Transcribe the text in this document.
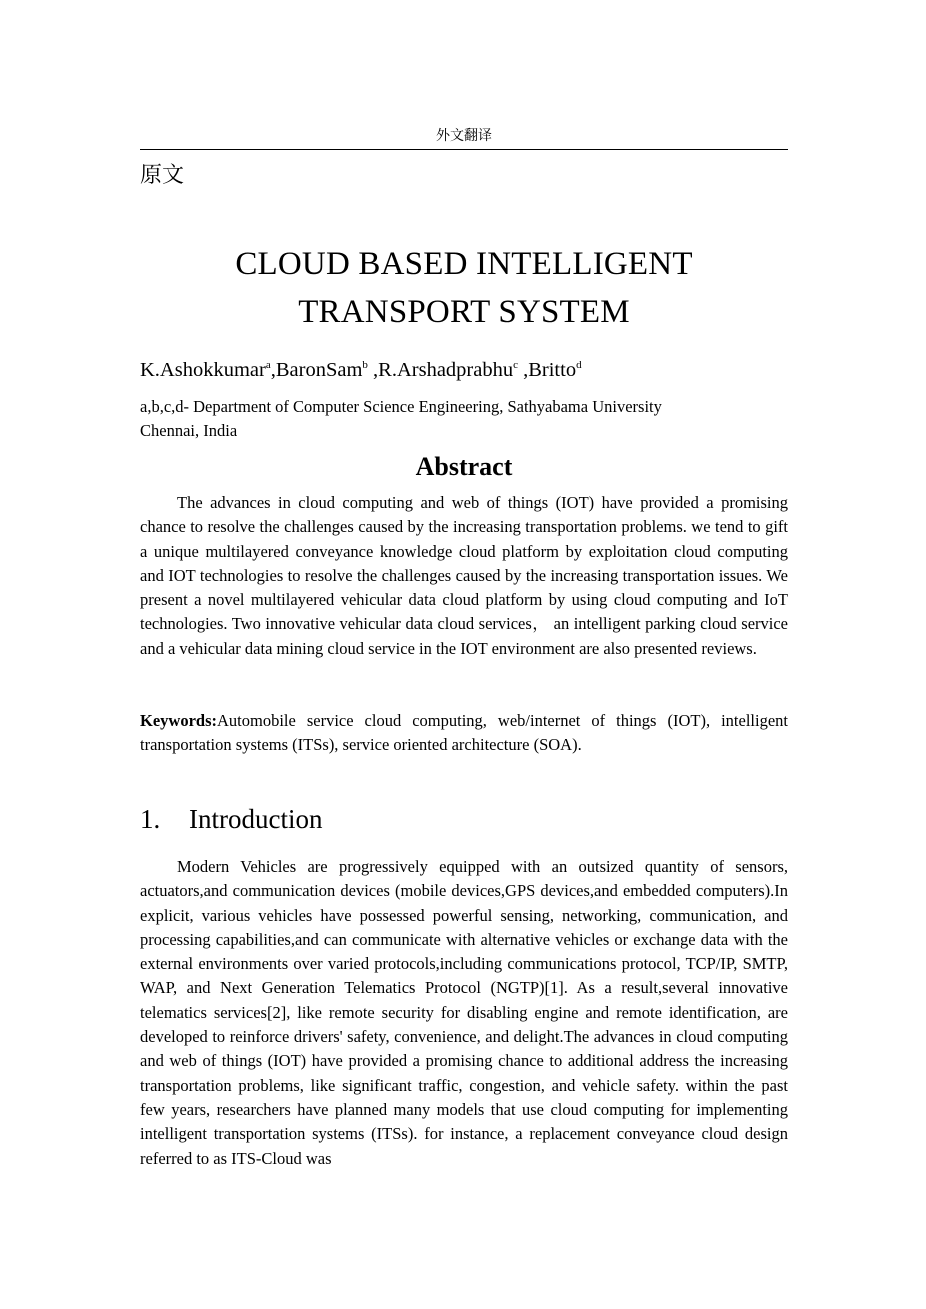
外文翻译
原文
CLOUD BASED INTELLIGENT
TRANSPORT SYSTEM
K.Ashokkumar$^a$,BaronSam$^b$ ,R.Arshadprabhu$^c$ ,Britto$^d$
a,b,c,d- Department of Computer Science Engineering, Sathyabama University
Chennai, India
Abstract

The advances in cloud computing and web of things (IOT) have provided a promising chance to resolve the challenges caused by the increasing transportation problems. we tend to gift a unique multilayered conveyance knowledge cloud platform by exploitation cloud computing and IOT technologies to resolve the challenges caused by the increasing transportation issues. We present a novel multilayered vehicular data cloud platform by using cloud computing and IoT technologies. Two innovative vehicular data cloud services， an intelligent parking cloud service and a vehicular data mining cloud service in the IOT environment are also presented reviews.

Keywords:Automobile service cloud computing, web/internet of things (IOT), intelligent transportation systems (ITSs), service oriented architecture (SOA).

1. Introduction

Modern Vehicles are progressively equipped with an outsized quantity of sensors, actuators,and communication devices (mobile devices,GPS devices,and embedded computers).In explicit, various vehicles have possessed powerful sensing, networking, communication, and processing capabilities,and can communicate with alternative vehicles or exchange data with the external environments over varied protocols,including communications protocol, TCP/IP, SMTP, WAP, and Next Generation Telematics Protocol (NGTP)[1]. As a result,several innovative telematics services[2], like remote security for disabling engine and remote identification, are developed to reinforce drivers' safety, convenience, and delight.The advances in cloud computing and web of things (IOT) have provided a promising chance to additional address the increasing transportation problems, like significant traffic, congestion, and vehicle safety. within the past few years, researchers have planned many models that use cloud computing for implementing intelligent transportation systems (ITSs). for instance, a replacement conveyance cloud design referred to as ITS-Cloud was
